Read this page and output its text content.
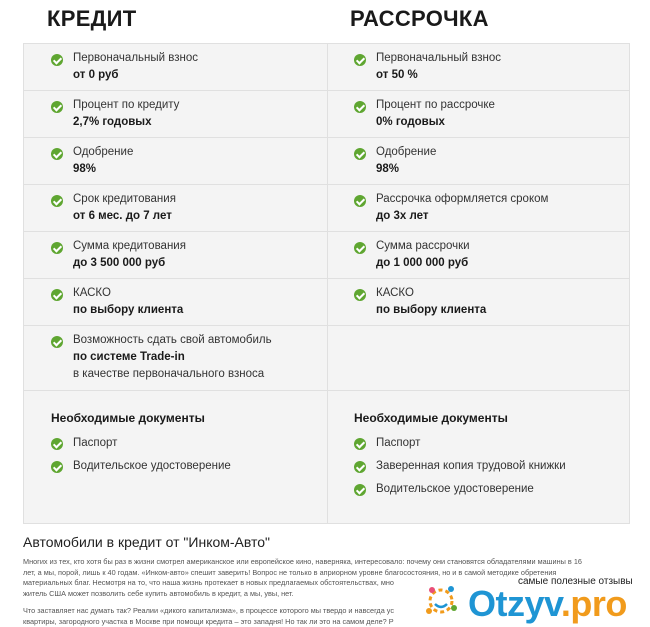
КРЕДИТ	РАССРОЧКА
Первоначальный взнос
от 0 руб
Процент по кредиту
2,7% годовых
Одобрение
98%
Срок кредитования
от 6 мес. до 7 лет
Сумма кредитования
до 3 500 000 руб
КАСКО
по выбору клиента
Возможность сдать свой автомобиль
по системе Trade-in
в качестве первоначального взноса
Первоначальный взнос
от 50 %
Процент по рассрочке
0% годовых
Одобрение
98%
Рассрочка оформляется сроком
до 3х лет
Сумма рассрочки
до 1 000 000 руб
КАСКО
по выбору клиента
Необходимые документы
Паспорт
Водительское удостоверение
Необходимые документы
Паспорт
Заверенная копия трудовой книжки
Водительское удостоверение
Автомобили в кредит от "Инком-Авто"
Многих из тех, кто хотя бы раз в жизни смотрел американское или европейское кино, наверняка, интересовало: почему они становятся обладателями машины в 16
лет, а мы, порой, лишь к 40 годам. «Инком-авто» спешит заверить! Вопрос не только в априорном уровне благосостояния, но и в самой методике обретения
материальных благ. Несмотря на то, что наша жизнь протекает в новых предлагаемых обстоятельствах, мно
житель США может позволить себе купить автомобиль в кредит, а мы, увы, нет.
Что заставляет нас думать так? Реалии «дикого капитализма», в процессе которого мы твердо и навсегда ус
квартиры, загородного участка в Москве при помощи кредита – это западня! Но так ли это на самом деле? Р
самые полезные отзывы
Otzyv.pro
